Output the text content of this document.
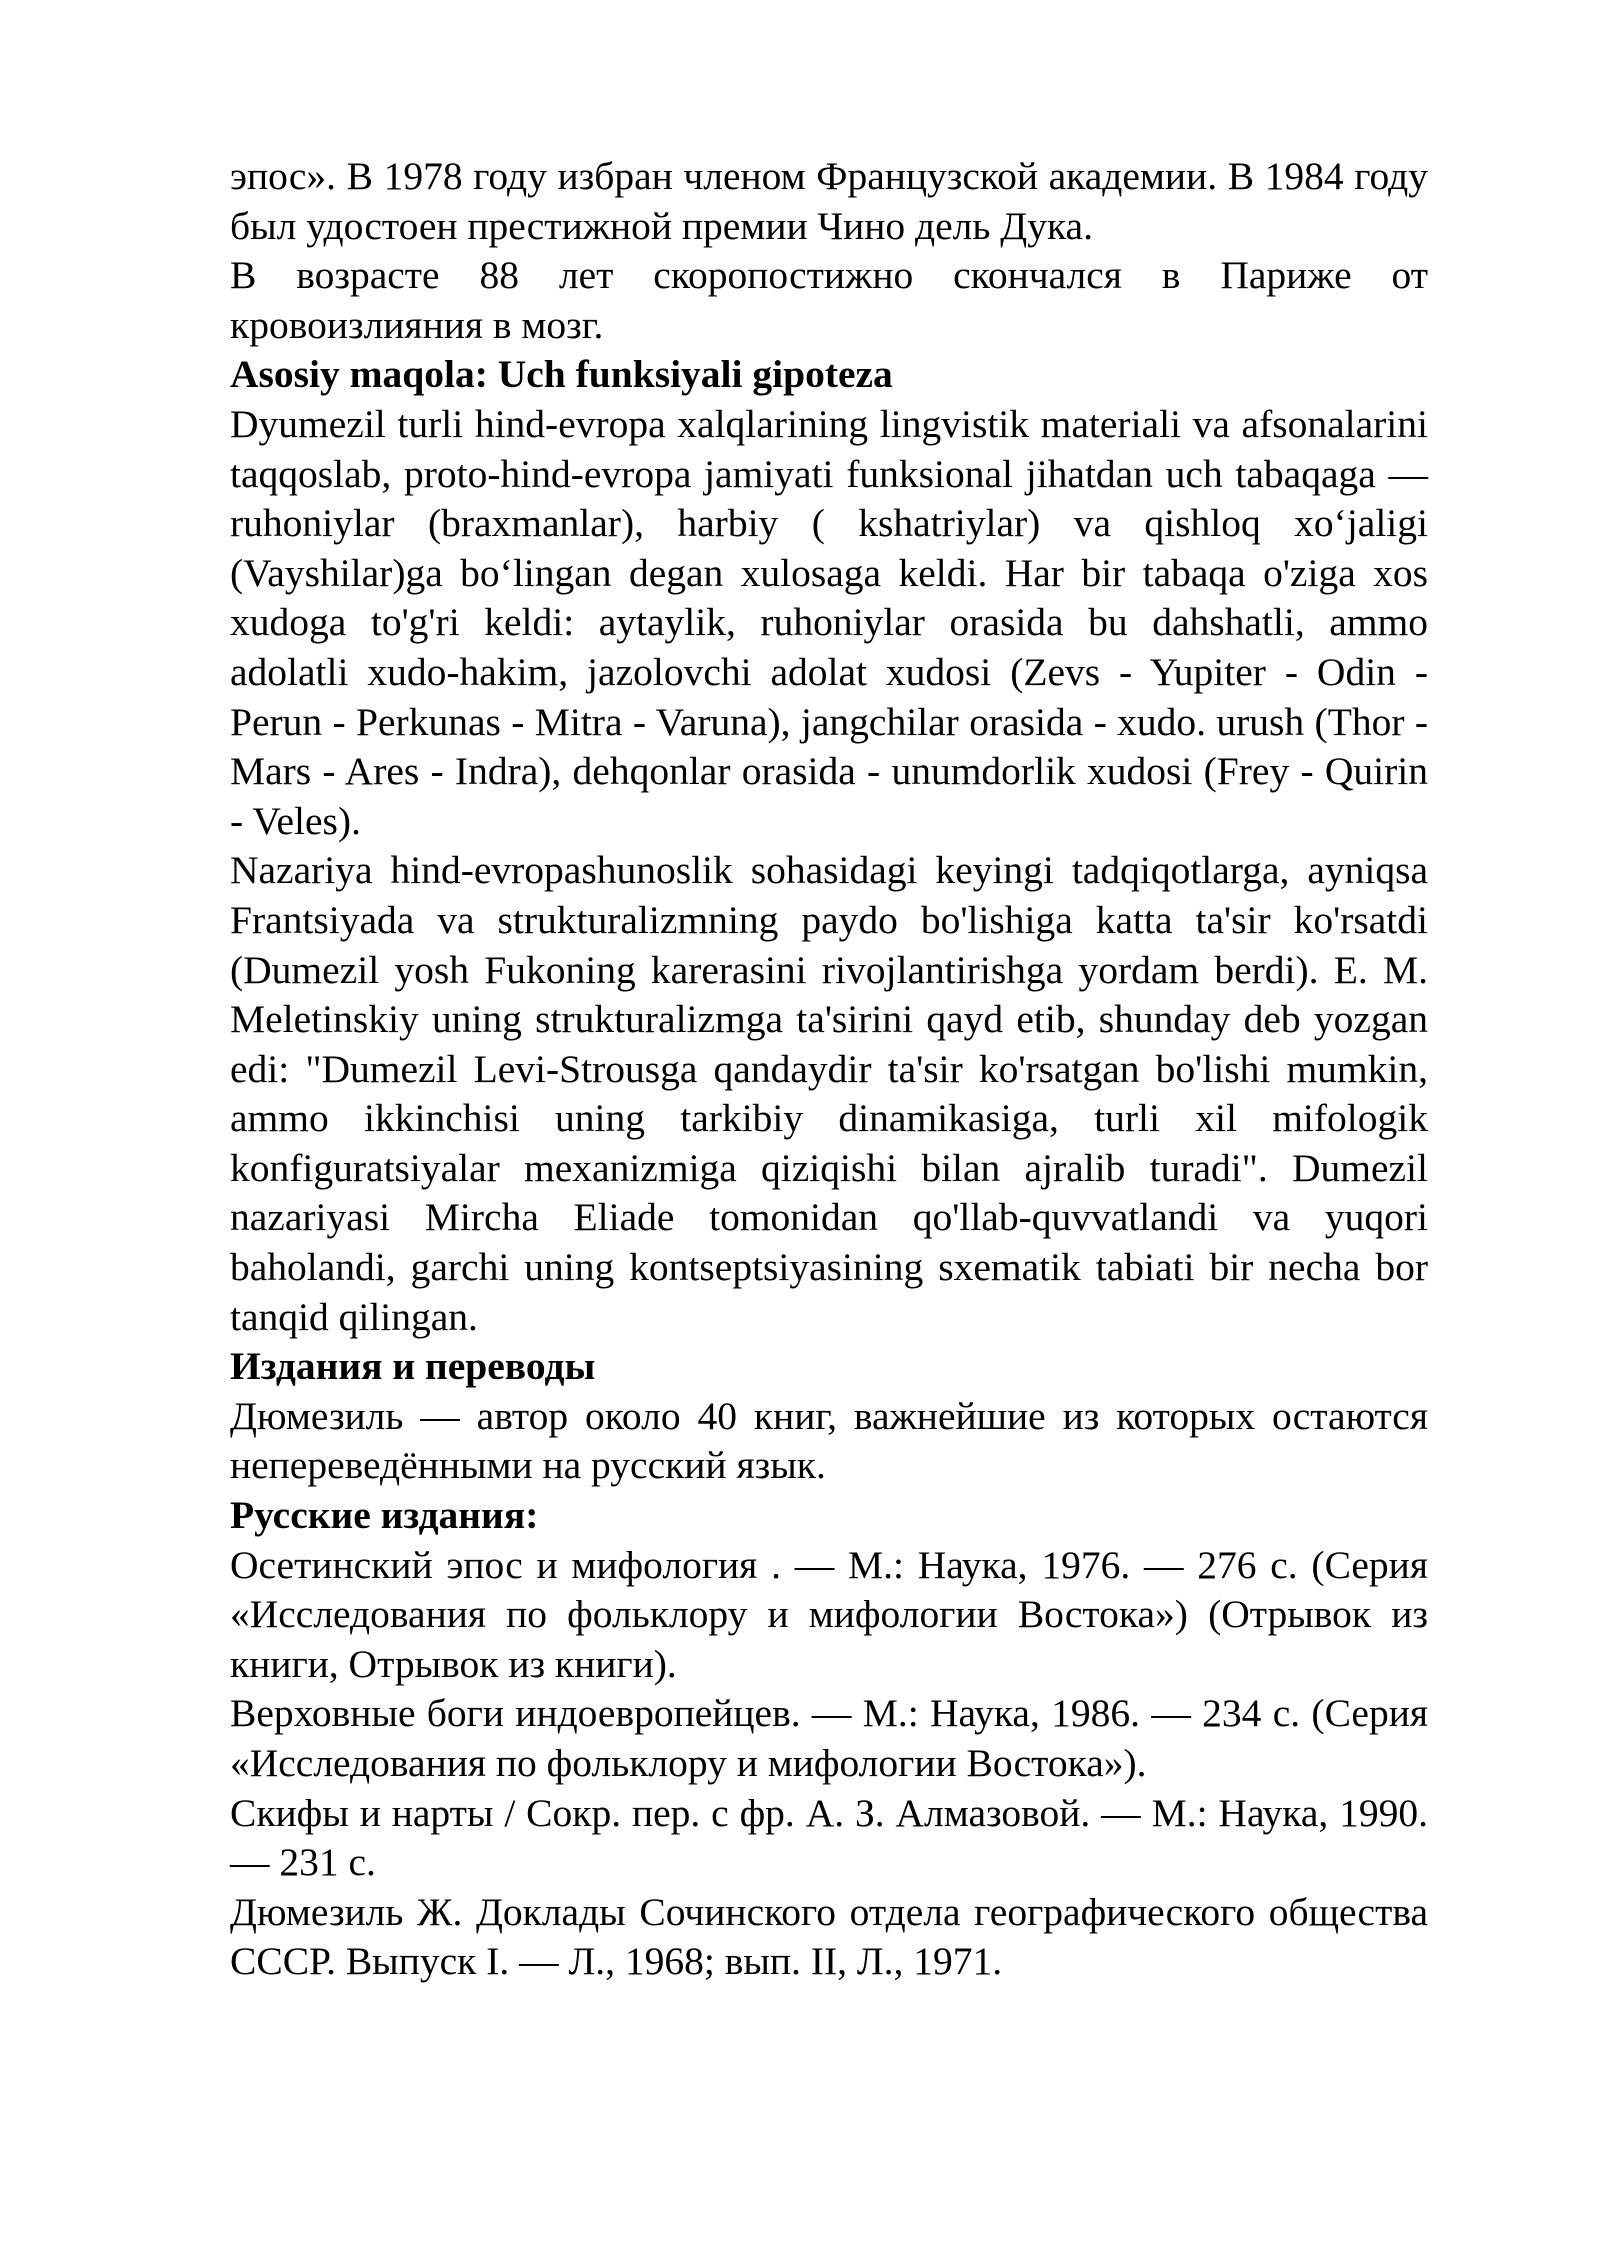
эпос». В 1978 году избран членом Французской академии. В 1984 году был удостоен престижной премии Чино дель Дука.

В возрасте 88 лет скоропостижно скончался в Париже от кровоизлияния в мозг.

Asosiy maqola: Uch funksiyali gipoteza

Dyumezil turli hind-evropa xalqlarining lingvistik materiali va afsonalarini taqqoslab, proto-hind-evropa jamiyati funksional jihatdan uch tabaqaga — ruhoniylar (braxmanlar), harbiy ( kshatriylar) va qishloq xo‘jaligi (Vayshilar)ga bo‘lingan degan xulosaga keldi. Har bir tabaqa o'ziga xos xudoga to'g'ri keldi: aytaylik, ruhoniylar orasida bu dahshatli, ammo adolatli xudo-hakim, jazolovchi adolat xudosi (Zevs - Yupiter - Odin - Perun - Perkunas - Mitra - Varuna), jangchilar orasida - xudo. urush (Thor - Mars - Ares - Indra), dehqonlar orasida - unumdorlik xudosi (Frey - Quirin - Veles).

Nazariya hind-evropashunoslik sohasidagi keyingi tadqiqotlarga, ayniqsa Frantsiyada va strukturalizmning paydo bo'lishiga katta ta'sir ko'rsatdi (Dumezil yosh Fukoning karerasini rivojlantirishga yordam berdi). E. M. Meletinskiy uning strukturalizmga ta'sirini qayd etib, shunday deb yozgan edi: "Dumezil Levi-Strousga qandaydir ta'sir ko'rsatgan bo'lishi mumkin, ammo ikkinchisi uning tarkibiy dinamikasiga, turli xil mifologik konfiguratsiyalar mexanizmiga qiziqishi bilan ajralib turadi". Dumezil nazariyasi Mircha Eliade tomonidan qo'llab-quvvatlandi va yuqori baholandi, garchi uning kontseptsiyasining sxematik tabiati bir necha bor tanqid qilingan.

Издания и переводы

Дюмезиль — автор около 40 книг, важнейшие из которых остаются непереведёнными на русский язык.

Русские издания:

Осетинский эпос и мифология . — М.: Наука, 1976. — 276 с. (Серия «Исследования по фольклору и мифологии Востока») (Отрывок из книги, Отрывок из книги).

Верховные боги индоевропейцев. — М.: Наука, 1986. — 234 с. (Серия «Исследования по фольклору и мифологии Востока»).

Скифы и нарты / Сокр. пер. с фр. А. З. Алмазовой. — М.: Наука, 1990. — 231 с.

Дюмезиль Ж. Доклады Сочинского отдела географического общества СССР. Выпуск I. — Л., 1968; вып. II, Л., 1971.
